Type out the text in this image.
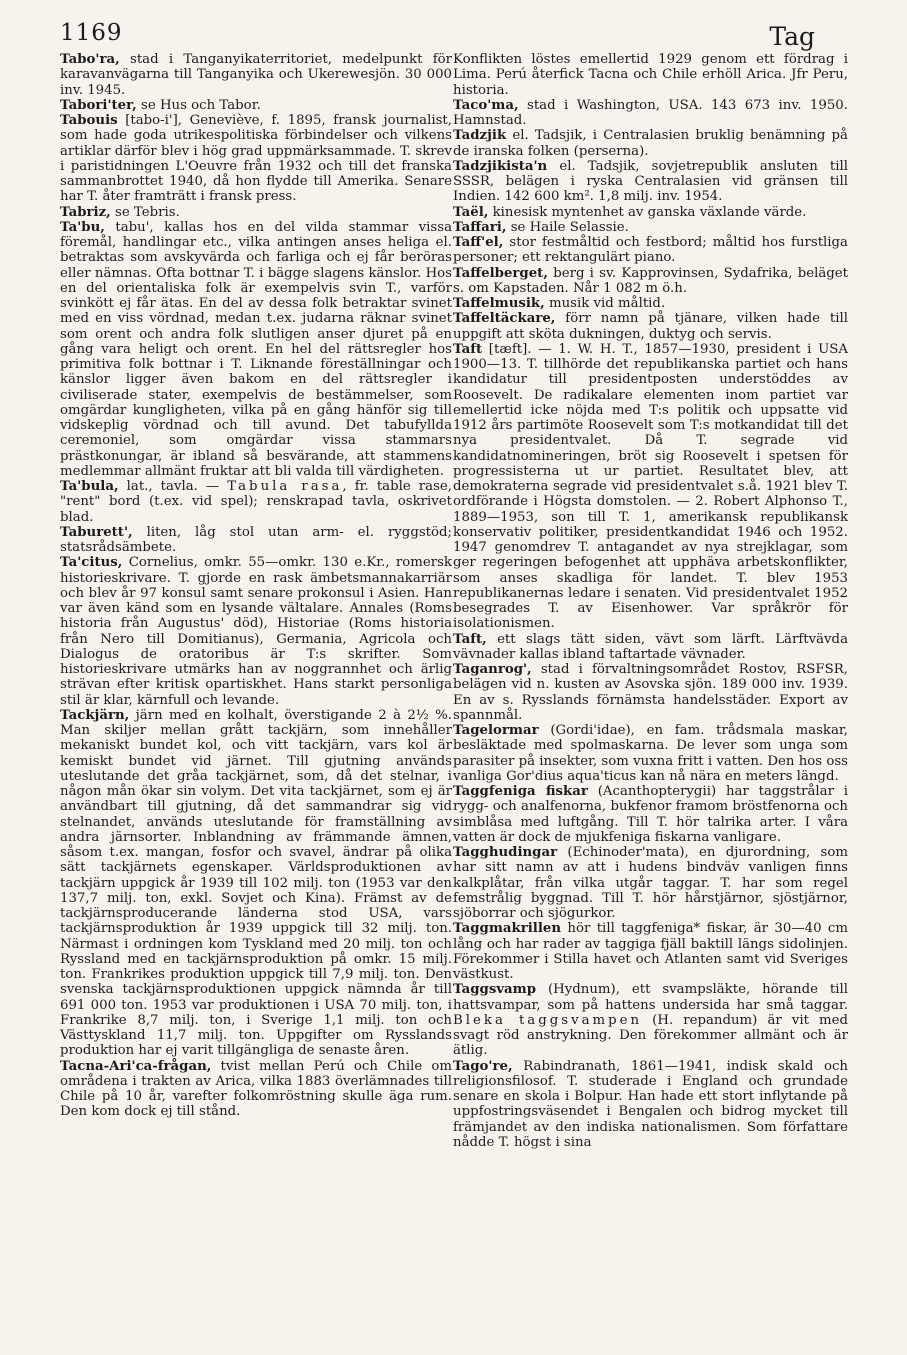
1169	Tag

Tabo'ra, stad i Tanganyikaterritoriet, medelpunkt för karavanvägarna till Tanganyika och Ukerewesjön. 30 000 inv. 1945.

Tabori'ter, se Hus och Tabor.

Tabouis [tabo-i'], Geneviève, f. 1895, fransk journalist, som hade goda utrikespolitiska förbindelser och vilkens artiklar därför blev i hög grad uppmärksammade. T. skrev i paristidningen L'Oeuvre från 1932 och till det franska sammanbrottet 1940, då hon flydde till Amerika. Senare har T. åter framträtt i fransk press.

Tabriz, se Tebris.

Ta'bu, tabu', kallas hos en del vilda stammar vissa föremål, handlingar etc., vilka antingen anses heliga el. betraktas som avskyvärda och farliga och ej får beröras eller nämnas. Ofta bottnar T. i bägge slagens känslor. Hos en del orientaliska folk är exempelvis svin T., varför svinkött ej får ätas. En del av dessa folk betraktar svinet med en viss vördnad, medan t.ex. judarna räknar svinet som orent och andra folk slutligen anser djuret på en gång vara heligt och orent. En hel del rättsregler hos primitiva folk bottnar i T. Liknande föreställningar och känslor ligger även bakom en del rättsregler i civiliserade stater, exempelvis de bestämmelser, som omgärdar kungligheten, vilka på en gång hänför sig till vidskeplig vördnad och till avund. Det tabufyllda ceremoniel, som omgärdar vissa stammars prästkonungar, är ibland så besvärande, att stammens medlemmar allmänt fruktar att bli valda till värdigheten.

Ta'bula, lat., tavla. — Tabula rasa, fr. table rase, "rent" bord (t.ex. vid spel); renskrapad tavla, oskrivet blad.

Taburett', liten, låg stol utan arm- el. ryggstöd; statsrådsämbete.

Ta'citus, Cornelius, omkr. 55—omkr. 130 e.Kr., romersk historieskrivare. T. gjorde en rask ämbetsmannakarriär och blev år 97 konsul samt senare prokonsul i Asien. Han var även känd som en lysande vältalare. Annales (Roms historia från Augustus' död), Historiae (Roms historia från Nero till Domitianus), Germania, Agricola och Dialogus de oratoribus är T:s skrifter. Som historieskrivare utmärks han av noggrannhet och ärlig strävan efter kritisk opartiskhet. Hans starkt personliga stil är klar, kärnfull och levande.

Tackjärn, järn med en kolhalt, överstigande 2 à 2½ %. Man skiljer mellan grått tackjärn, som innehåller mekaniskt bundet kol, och vitt tackjärn, vars kol är kemiskt bundet vid järnet. Till gjutning används uteslutande det gråa tackjärnet, som, då det stelnar, i någon mån ökar sin volym. Det vita tackjärnet, som ej är användbart till gjutning, då det sammandrar sig vid stelnandet, används uteslutande för framställning av andra järnsorter. Inblandning av främmande ämnen, såsom t.ex. mangan, fosfor och svavel, ändrar på olika sätt tackjärnets egenskaper. Världsproduktionen av tackjärn uppgick år 1939 till 102 milj. ton (1953 var den 137,7 milj. ton, exkl. Sovjet och Kina). Främst av de tackjärnsproducerande länderna stod USA, vars tackjärnsproduktion år 1939 uppgick till 32 milj. ton. Närmast i ordningen kom Tyskland med 20 milj. ton och Ryssland med en tackjärnsproduktion på omkr. 15 milj. ton. Frankrikes produktion uppgick till 7,9 milj. ton. Den svenska tackjärnsproduktionen uppgick nämnda år till 691 000 ton. 1953 var produktionen i USA 70 milj. ton, i Frankrike 8,7 milj. ton, i Sverige 1,1 milj. ton och Västtyskland 11,7 milj. ton. Uppgifter om Rysslands produktion har ej varit tillgängliga de senaste åren.

Tacna-Ari'ca-frågan, tvist mellan Perú och Chile om områdena i trakten av Arica, vilka 1883 överlämnades till Chile på 10 år, varefter folkomröstning skulle äga rum. Den kom dock ej till stånd.

Konflikten löstes emellertid 1929 genom ett fördrag i Lima. Perú återfick Tacna och Chile erhöll Arica. Jfr Peru, historia.

Taco'ma, stad i Washington, USA. 143 673 inv. 1950. Hamnstad.

Tadzjik el. Tadsjik, i Centralasien bruklig benämning på de iranska folken (perserna).

Tadzjikista'n el. Tadsjik, sovjetrepublik ansluten till SSSR, belägen i ryska Centralasien vid gränsen till Indien. 142 600 km². 1,8 milj. inv. 1954.

Taël, kinesisk myntenhet av ganska växlande värde.

Taffari, se Haile Selassie.

Taff'el, stor festmåltid och festbord; måltid hos furstliga personer; ett rektangulärt piano.

Taffelberget, berg i sv. Kapprovinsen, Sydafrika, beläget s. om Kapstaden. Når 1 082 m ö.h.

Taffelmusik, musik vid måltid.

Taffeltäckare, förr namn på tjänare, vilken hade till uppgift att sköta dukningen, duktyg och servis.

Taft [tæft]. — 1. W. H. T., 1857—1930, president i USA 1900—13. T. tillhörde det republikanska partiet och hans kandidatur till presidentposten understöddes av Roosevelt. De radikalare elementen inom partiet var emellertid icke nöjda med T:s politik och uppsatte vid 1912 års partimöte Roosevelt som T:s motkandidat till det nya presidentvalet. Då T. segrade vid kandidatnomineringen, bröt sig Roosevelt i spetsen för progressisterna ut ur partiet. Resultatet blev, att demokraterna segrade vid presidentvalet s.å. 1921 blev T. ordförande i Högsta domstolen. — 2. Robert Alphonso T., 1889—1953, son till T. 1, amerikansk republikansk konservativ politiker, presidentkandidat 1946 och 1952. 1947 genomdrev T. antagandet av nya strejklagar, som ger regeringen befogenhet att upphäva arbetskonflikter, som anses skadliga för landet. T. blev 1953 republikanernas ledare i senaten. Vid presidentvalet 1952 besegrades T. av Eisenhower. Var språkrör för isolationismen.

Taft, ett slags tätt siden, vävt som lärft. Lärftvävda vävnader kallas ibland taftartade vävnader.

Taganrog', stad i förvaltningsområdet Rostov, RSFSR, belägen vid n. kusten av Asovska sjön. 189 000 inv. 1939. En av s. Rysslands förnämsta handelsstäder. Export av spannmål.

Tagelormar (Gordi'idae), en fam. trådsmala maskar, besläktade med spolmaskarna. De lever som unga som parasiter på insekter, som vuxna fritt i vatten. Den hos oss vanliga Gor'dius aqua'ticus kan nå nära en meters längd.

Taggfeniga fiskar (Acanthopterygii) har taggstrålar i rygg- och analfenorna, bukfenor framom bröstfenorna och simblåsa med luftgång. Till T. hör talrika arter. I våra vatten är dock de mjukfeniga fiskarna vanligare.

Tagghudingar (Echinoder'mata), en djurordning, som har sitt namn av att i hudens bindväv vanligen finns kalkplåtar, från vilka utgår taggar. T. har som regel femstrålig byggnad. Till T. hör hårstjärnor, sjöstjärnor, sjöborrar och sjögurkor.

Taggmakrillen hör till taggfeniga* fiskar, är 30—40 cm lång och har rader av taggiga fjäll baktill längs sidolinjen. Förekommer i Stilla havet och Atlanten samt vid Sveriges västkust.

Taggsvamp (Hydnum), ett svampsläkte, hörande till hattsvampar, som på hattens undersida har små taggar. Bleka taggsvampen (H. repandum) är vit med svagt röd anstrykning. Den förekommer allmänt och är ätlig.

Tago're, Rabindranath, 1861—1941, indisk skald och religionsfilosof. T. studerade i England och grundade senare en skola i Bolpur. Han hade ett stort inflytande på uppfostringsväsendet i Bengalen och bidrog mycket till främjandet av den indiska nationalismen. Som författare nådde T. högst i sina
